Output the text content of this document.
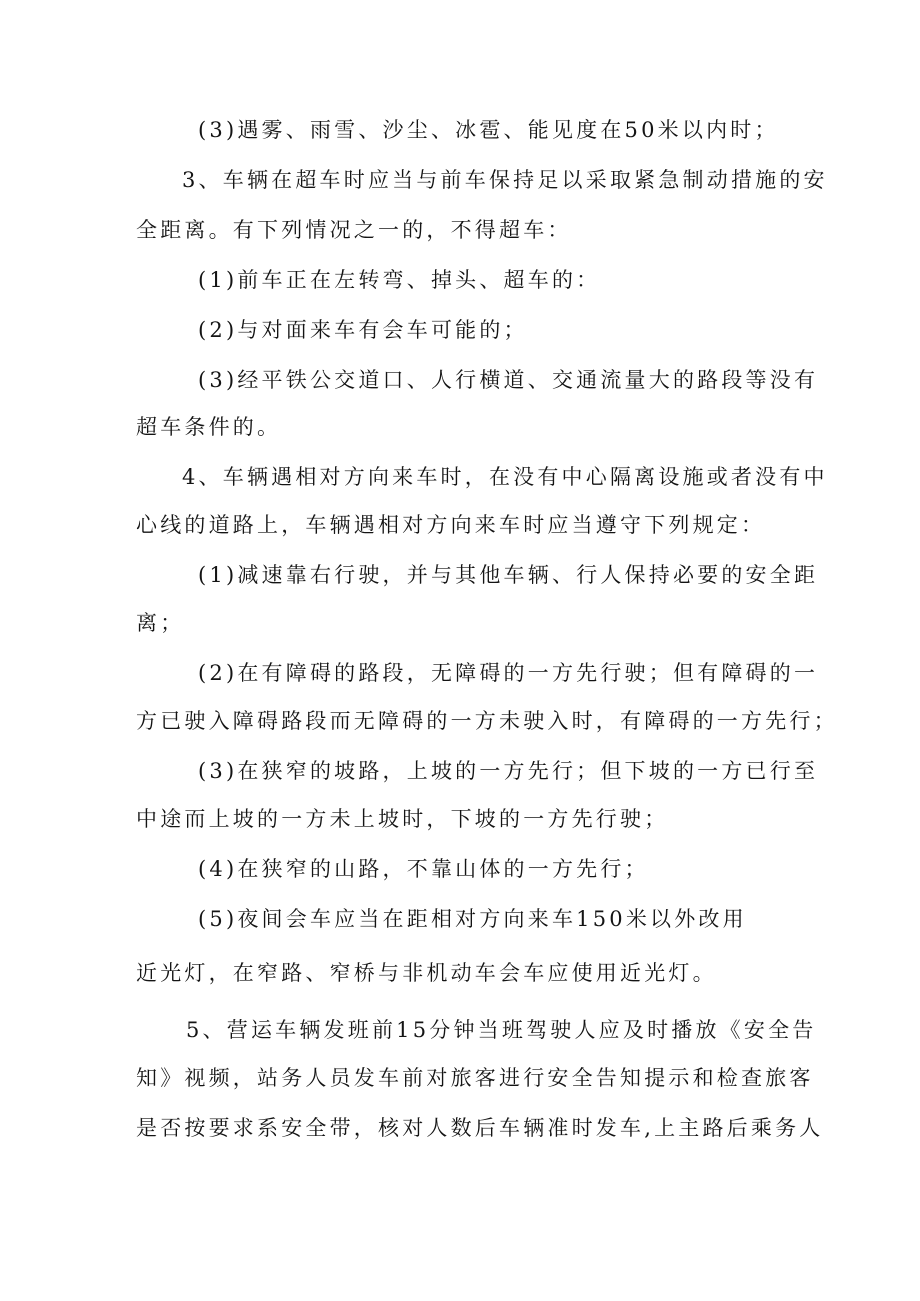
(3)遇雾、雨雪、沙尘、冰雹、能见度在50米以内时；
3、车辆在超车时应当与前车保持足以采取紧急制动措施的安
全距离。有下列情况之一的，不得超车：
(1)前车正在左转弯、掉头、超车的：
(2)与对面来车有会车可能的；
(3)经平铁公交道口、人行横道、交通流量大的路段等没有
超车条件的。
4、车辆遇相对方向来车时，在没有中心隔离设施或者没有中
心线的道路上，车辆遇相对方向来车时应当遵守下列规定：
(1)减速靠右行驶，并与其他车辆、行人保持必要的安全距
离；
(2)在有障碍的路段，无障碍的一方先行驶；但有障碍的一
方已驶入障碍路段而无障碍的一方未驶入时，有障碍的一方先行；
(3)在狭窄的坡路，上坡的一方先行；但下坡的一方已行至
中途而上坡的一方未上坡时，下坡的一方先行驶；
(4)在狭窄的山路，不靠山体的一方先行；
(5)夜间会车应当在距相对方向来车150米以外改用
近光灯，在窄路、窄桥与非机动车会车应使用近光灯。
5、营运车辆发班前15分钟当班驾驶人应及时播放《安全告
知》视频，站务人员发车前对旅客进行安全告知提示和检查旅客
是否按要求系安全带，核对人数后车辆准时发车,上主路后乘务人
